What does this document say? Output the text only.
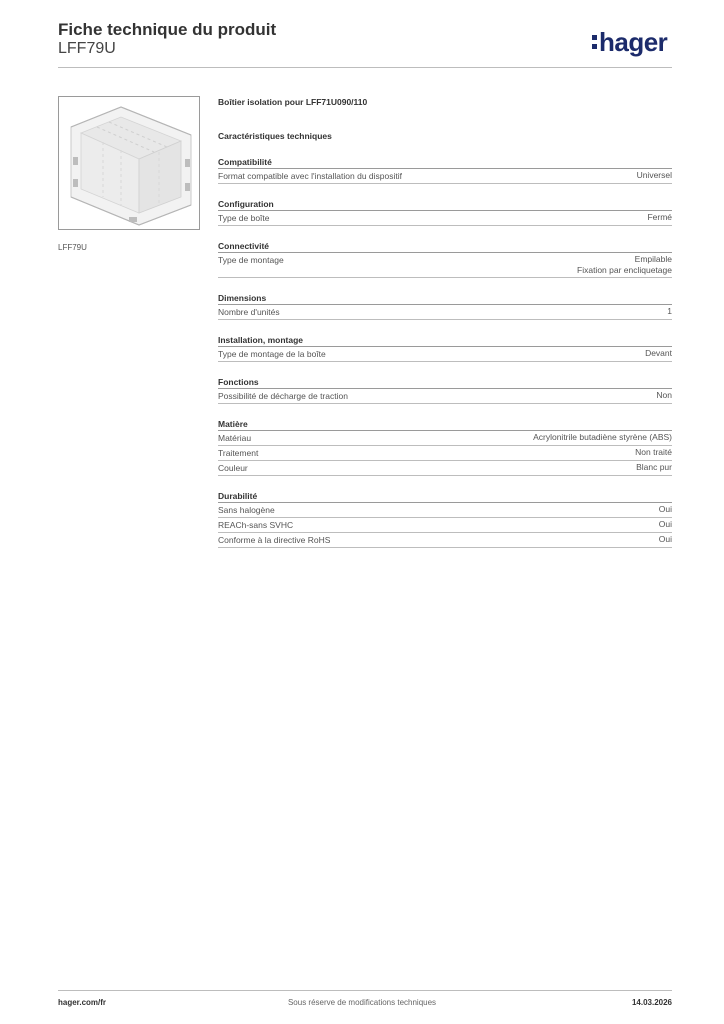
Fiche technique du produit
LFF79U	hager
LFF79U
Boîtier isolation pour LFF71U090/110
Caractéristiques techniques
Compatibilité
Format compatible avec l'installation du dispositif	Universel
Configuration
Type de boîte	Fermé
Connectivité
Type de montage	Empilable
Fixation par encliquetage
Dimensions
Nombre d'unités	1
Installation, montage
Type de montage de la boîte	Devant
Fonctions
Possibilité de décharge de traction	Non
Matière
Matériau	Acrylonitrile butadiène styrène (ABS)
Traitement	Non traité
Couleur	Blanc pur
Durabilité
Sans halogène	Oui
REACh-sans SVHC	Oui
Conforme à la directive RoHS	Oui
hager.com/fr	Sous réserve de modifications techniques	14.03.2026
